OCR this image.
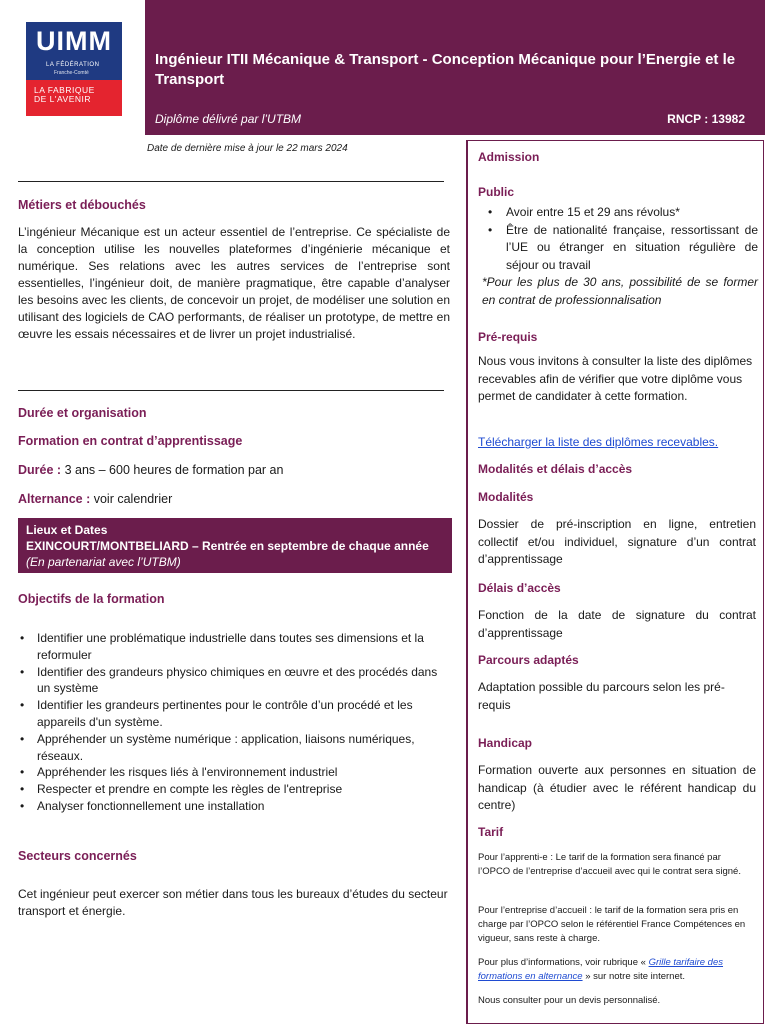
UIMM
LA FÉDÉRATION
Franche-Comté
LA FABRIQUE
DE L'AVENIR
Ingénieur ITII Mécanique & Transport - Conception Mécanique pour l’Energie et le Transport
Diplôme délivré par l’UTBM	RNCP : 13982
Date de dernière mise à jour le 22 mars 2024
Métiers et débouchés
L’ingénieur Mécanique est un acteur essentiel de l’entreprise. Ce spécialiste de la conception utilise les nouvelles plateformes d’ingénierie mécanique et numérique. Ses relations avec les autres services de l’entreprise sont essentielles, l’ingénieur doit, de manière pragmatique, être capable d’analyser les besoins avec les clients, de concevoir un projet, de modéliser une solution en utilisant des logiciels de CAO performants, de réaliser un prototype, de mettre en œuvre les essais nécessaires et de livrer un projet industrialisé.
Durée et organisation
Formation en contrat d’apprentissage
Durée : 3 ans – 600 heures de formation par an
Alternance : voir calendrier
Lieux et Dates
EXINCOURT/MONTBELIARD – Rentrée en septembre de chaque année
(En partenariat avec l’UTBM)
Objectifs de la formation
• Identifier une problématique industrielle dans toutes ses dimensions et la reformuler
• Identifier des grandeurs physico chimiques en œuvre et des procédés dans un système
• Identifier les grandeurs pertinentes pour le contrôle d’un procédé et les appareils d'un système.
• Appréhender un système numérique : application, liaisons numériques, réseaux.
• Appréhender les risques liés à l'environnement industriel
• Respecter et prendre en compte les règles de l'entreprise
• Analyser fonctionnellement une installation
Secteurs concernés
Cet ingénieur peut exercer son métier dans tous les bureaux d’études du secteur transport et énergie.
Admission
Public
• Avoir entre 15 et 29 ans révolus*
• Être de nationalité française, ressortissant de l’UE ou étranger en situation régulière de séjour ou travail
*Pour les plus de 30 ans, possibilité de se former en contrat de professionnalisation
Pré-requis
Nous vous invitons à consulter la liste des diplômes recevables afin de vérifier que votre diplôme vous permet de candidater à cette formation.
Télécharger la liste des diplômes recevables.
Modalités et délais d’accès
Modalités
Dossier de pré-inscription en ligne, entretien collectif et/ou individuel, signature d’un contrat d’apprentissage
Délais d’accès
Fonction de la date de signature du contrat d’apprentissage
Parcours adaptés
Adaptation possible du parcours selon les pré-requis
Handicap
Formation ouverte aux personnes en situation de handicap (à étudier avec le référent handicap du centre)
Tarif
Pour l’apprenti-e : Le tarif de la formation sera financé par l’OPCO de l’entreprise d’accueil avec qui le contrat sera signé.
Pour l’entreprise d’accueil : le tarif de la formation sera pris en charge par l’OPCO selon le référentiel France Compétences en vigueur, sans reste à charge.
Pour plus d’informations, voir rubrique « Grille tarifaire des formations en alternance » sur notre site internet.
Nous consulter pour un devis personnalisé.
